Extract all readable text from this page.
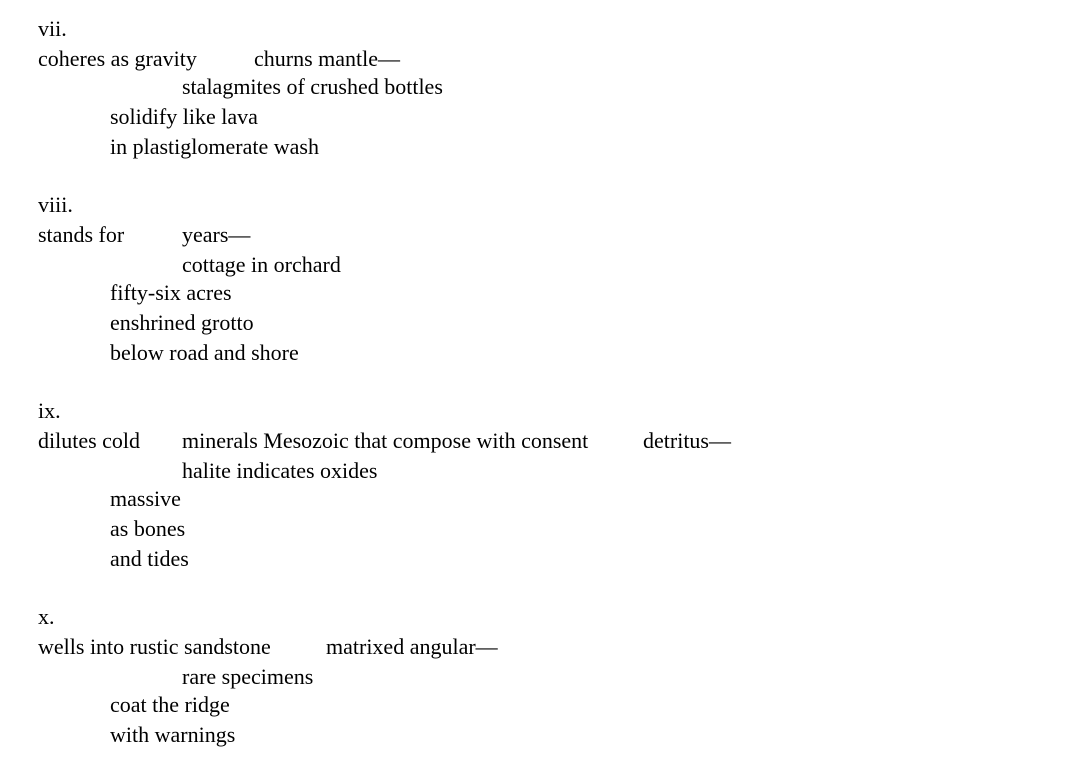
vii.

coheres as gravity

	churns mantle—

stalagmites of crushed bottles
solidify like lava
in plastiglomerate wash
viii.

stands for

	years—

cottage in orchard
fifty-six acres
enshrined grotto
below road and shore
ix.

dilutes cold

minerals Mesozoic that compose with consent

detritus—

halite indicates oxides
massive
as bones
and tides
x.

wells into rustic sandstone

	matrixed angular—

rare specimens
coat the ridge
with warnings
